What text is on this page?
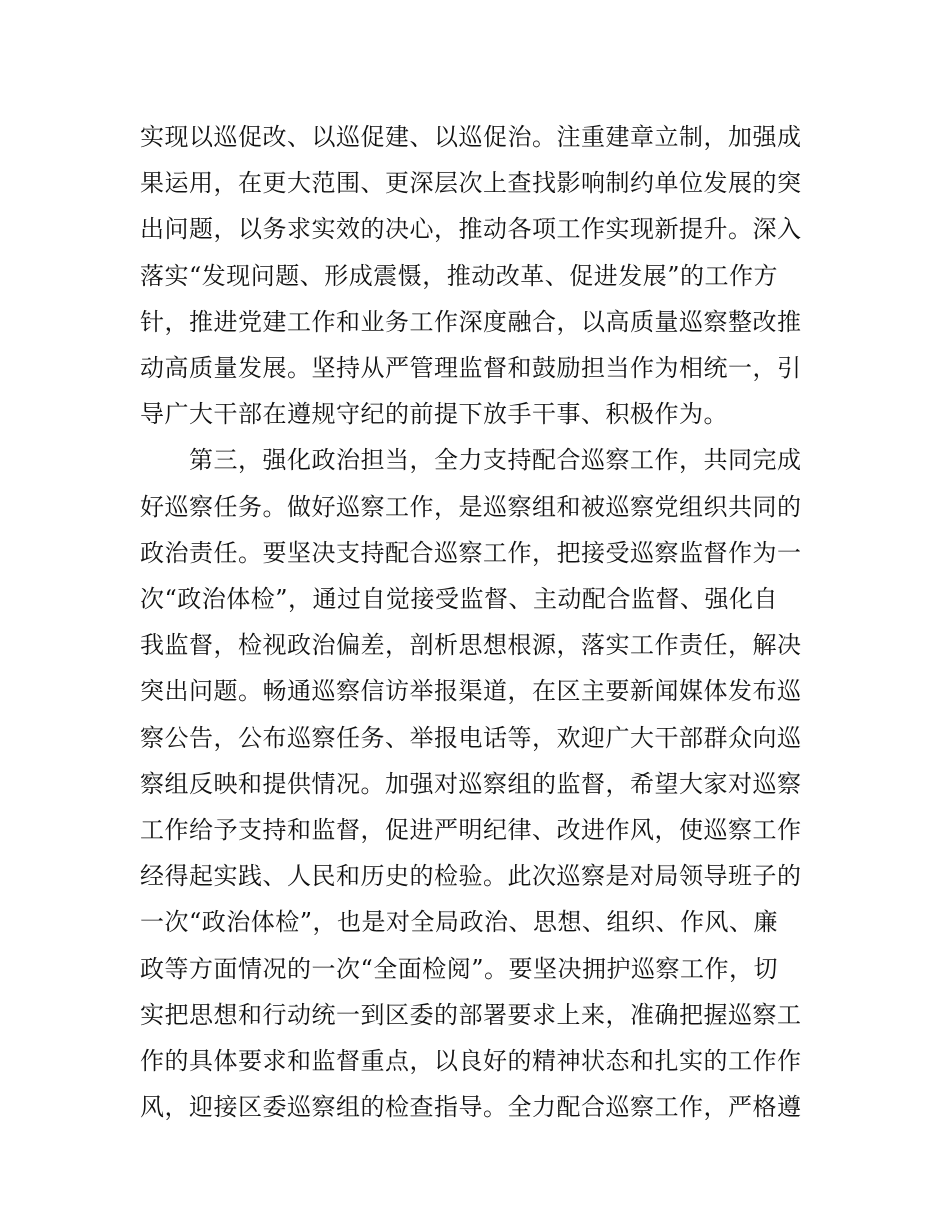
实现以巡促改、以巡促建、以巡促治。注重建章立制，加强成
果运用，在更大范围、更深层次上查找影响制约单位发展的突
出问题，以务求实效的决心，推动各项工作实现新提升。深入
落实“发现问题、形成震慑，推动改革、促进发展”的工作方
针，推进党建工作和业务工作深度融合，以高质量巡察整改推
动高质量发展。坚持从严管理监督和鼓励担当作为相统一，引
导广大干部在遵规守纪的前提下放手干事、积极作为。

　　第三，强化政治担当，全力支持配合巡察工作，共同完成
好巡察任务。做好巡察工作，是巡察组和被巡察党组织共同的
政治责任。要坚决支持配合巡察工作，把接受巡察监督作为一
次“政治体检”，通过自觉接受监督、主动配合监督、强化自
我监督，检视政治偏差，剖析思想根源，落实工作责任，解决
突出问题。畅通巡察信访举报渠道，在区主要新闻媒体发布巡
察公告，公布巡察任务、举报电话等，欢迎广大干部群众向巡
察组反映和提供情况。加强对巡察组的监督，希望大家对巡察
工作给予支持和监督，促进严明纪律、改进作风，使巡察工作
经得起实践、人民和历史的检验。此次巡察是对局领导班子的
一次“政治体检”，也是对全局政治、思想、组织、作风、廉
政等方面情况的一次“全面检阅”。要坚决拥护巡察工作，切
实把思想和行动统一到区委的部署要求上来，准确把握巡察工
作的具体要求和监督重点，以良好的精神状态和扎实的工作作
风，迎接区委巡察组的检查指导。全力配合巡察工作，严格遵
